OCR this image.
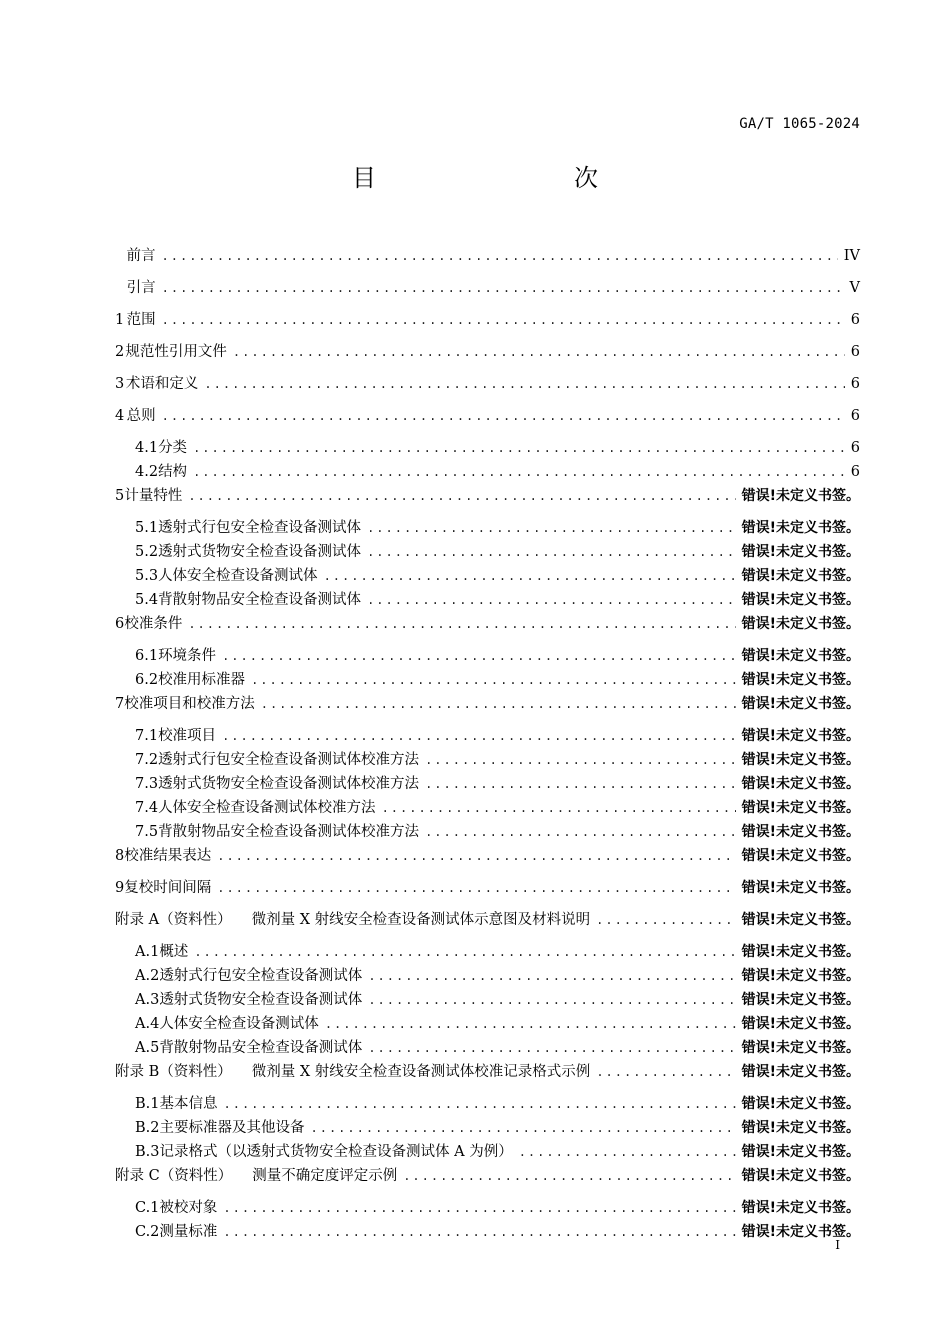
GA/T 1065-2024
目　　次
前言 .....	IV
引言 .....	V
1 范围 .....	6
2 规范性引用文件 .....	6
3 术语和定义 .....	6
4 总则 .....	6
4.1 分类 .....	6
4.2 结构 .....	6
5 计量特性 .....	错误!未定义书签。
5.1 透射式行包安全检查设备测试体 .....	错误!未定义书签。
5.2 透射式货物安全检查设备测试体 .....	错误!未定义书签。
5.3 人体安全检查设备测试体 .....	错误!未定义书签。
5.4 背散射物品安全检查设备测试体 .....	错误!未定义书签。
6 校准条件 .....	错误!未定义书签。
6.1 环境条件 .....	错误!未定义书签。
6.2 校准用标准器 .....	错误!未定义书签。
7 校准项目和校准方法 .....	错误!未定义书签。
7.1 校准项目 .....	错误!未定义书签。
7.2 透射式行包安全检查设备测试体校准方法 .....	错误!未定义书签。
7.3 透射式货物安全检查设备测试体校准方法 .....	错误!未定义书签。
7.4 人体安全检查设备测试体校准方法 .....	错误!未定义书签。
7.5 背散射物品安全检查设备测试体校准方法 .....	错误!未定义书签。
8 校准结果表达 .....	错误!未定义书签。
9 复校时间间隔 .....	错误!未定义书签。
附录 A（资料性） 微剂量 X 射线安全检查设备测试体示意图及材料说明 .....	错误!未定义书签。
A.1 概述 .....	错误!未定义书签。
A.2 透射式行包安全检查设备测试体 .....	错误!未定义书签。
A.3 透射式货物安全检查设备测试体 .....	错误!未定义书签。
A.4 人体安全检查设备测试体 .....	错误!未定义书签。
A.5 背散射物品安全检查设备测试体 .....	错误!未定义书签。
附录 B（资料性） 微剂量 X 射线安全检查设备测试体校准记录格式示例 .....	错误!未定义书签。
B.1 基本信息 .....	错误!未定义书签。
B.2 主要标准器及其他设备 .....	错误!未定义书签。
B.3 记录格式（以透射式货物安全检查设备测试体 A 为例） .....	错误!未定义书签。
附录 C（资料性） 测量不确定度评定示例 .....	错误!未定义书签。
C.1 被校对象 .....	错误!未定义书签。
C.2 测量标准 .....	错误!未定义书签。
I
